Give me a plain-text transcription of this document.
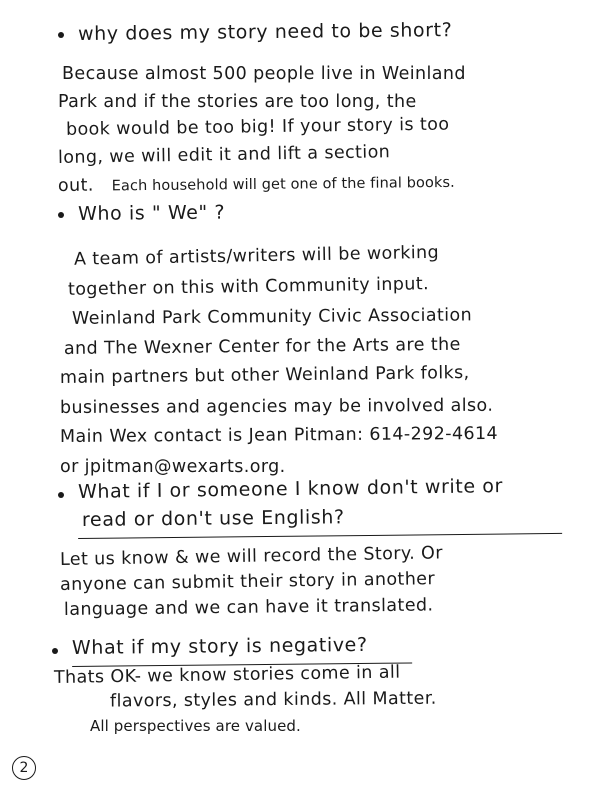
why does my story need to be short?
Because almost 500 people live in Weinland
Park and if the stories are too long, the
book would be too big! If your story is too
long, we will edit it and lift a section
out. Each household will get one of the final books.
Who is " We" ?
A team of artists/writers will be working
together on this with Community input.
Weinland Park Community Civic Association
and The Wexner Center for the Arts are the
main partners but other Weinland Park folks,
businesses and agencies may be involved also.
Main Wex contact is Jean Pitman: 614-292-4614
or jpitman@wexarts.org.
What if I or someone I know don't write or
read or don't use English?
Let us know & we will record the Story. Or
anyone can submit their story in another
language and we can have it translated.
What if my story is negative?
Thats OK- we know stories come in all
flavors, styles and kinds. All Matter.
All perspectives are valued.
2
